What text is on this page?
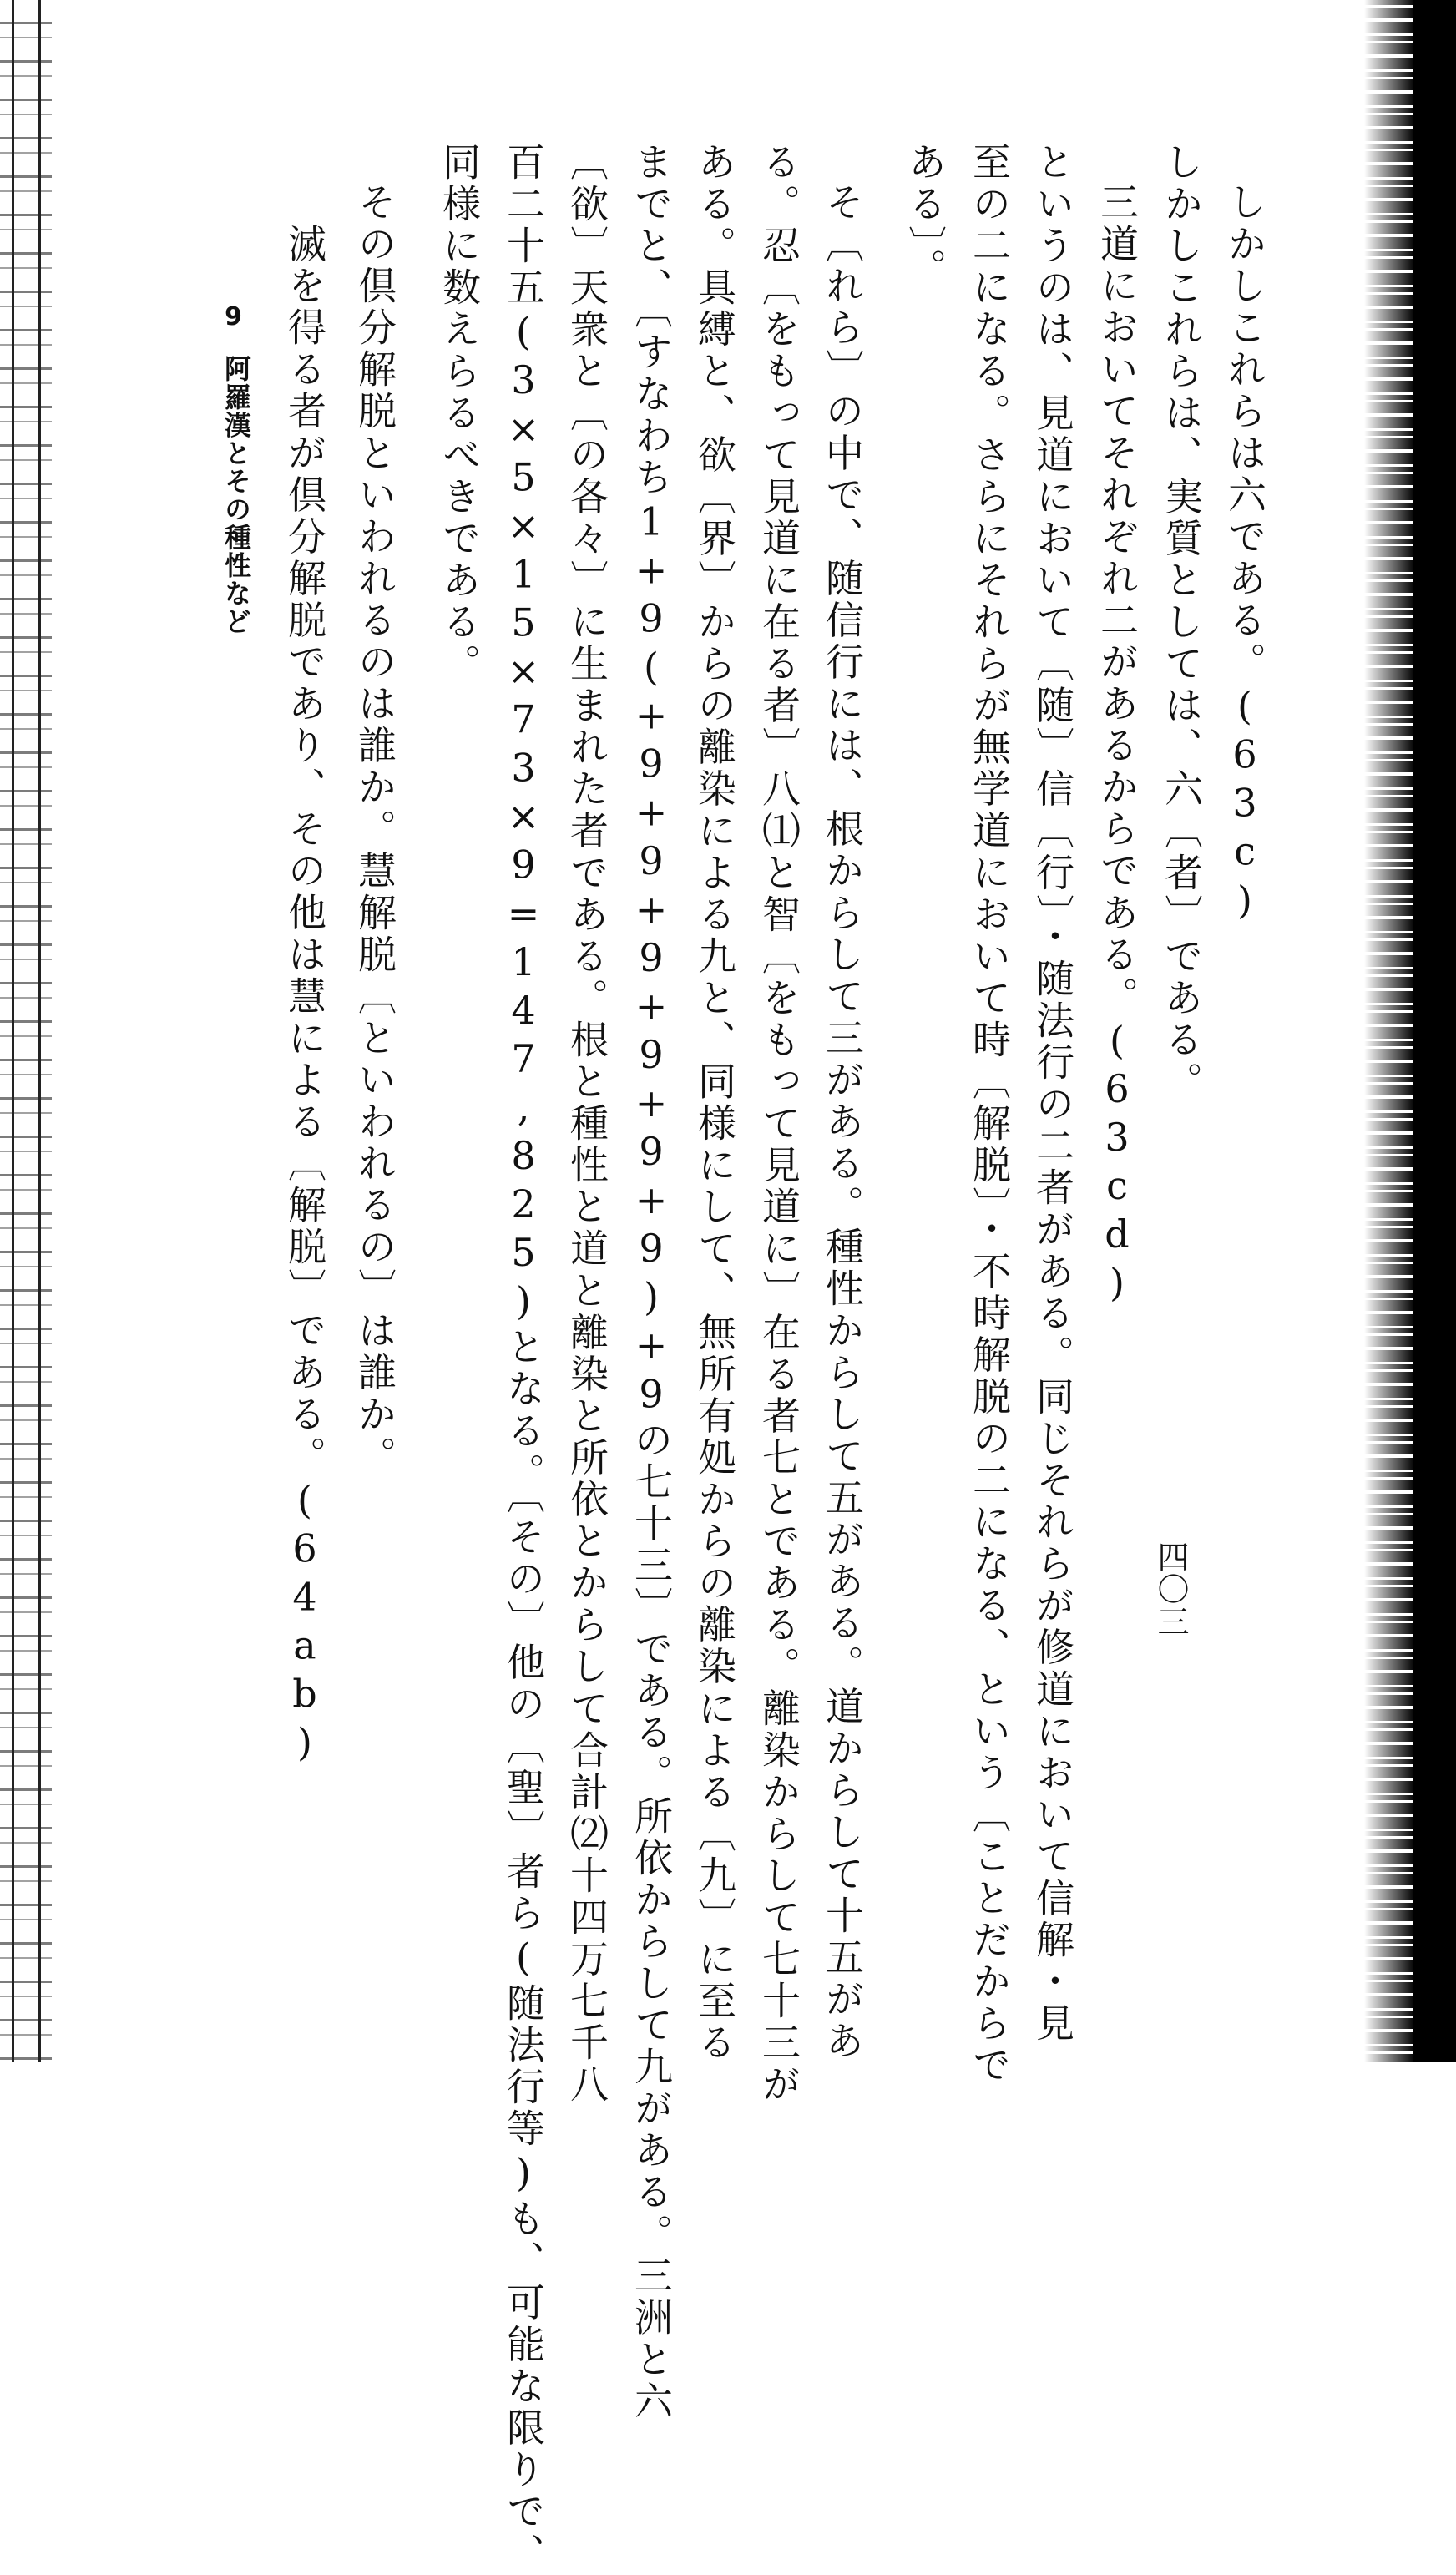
四〇三
しかしこれらは六である。(63c)
しかしこれらは、実質としては、六〔者〕である。
三道においてそれぞれ二があるからである。(63cd)
というのは、見道において〔随〕信〔行〕・随法行の二者がある。同じそれらが修道において信解・見
至の二になる。さらにそれらが無学道において時〔解脱〕・不時解脱の二になる、という〔ことだからで
ある〕。
そ〔れら〕の中で、随信行には、根からして三がある。種性からして五がある。道からして十五があ
る。忍〔をもって見道に在る者〕八⑴と智〔をもって見道に〕在る者七とである。離染からして七十三が
ある。具縛と、欲〔界〕からの離染による九と、同様にして、無所有処からの離染による〔九〕に至る
までと、〔すなわち1+9(+9+9+9+9+9+9)+9の七十三〕である。所依からして九がある。三洲と六
〔欲〕天衆と〔の各々〕に生まれた者である。根と種性と道と離染と所依とからして合計⑵十四万七千八
百二十五(3×5×15×73×9=147,825)となる。〔その〕他の〔聖〕者ら(随法行等)も、可能な限りで、
同様に数えらるべきである。
その倶分解脱といわれるのは誰か。慧解脱〔といわれるの〕は誰か。
滅を得る者が倶分解脱であり、その他は慧による〔解脱〕である。(64ab)
9
阿羅漢とその種性など
